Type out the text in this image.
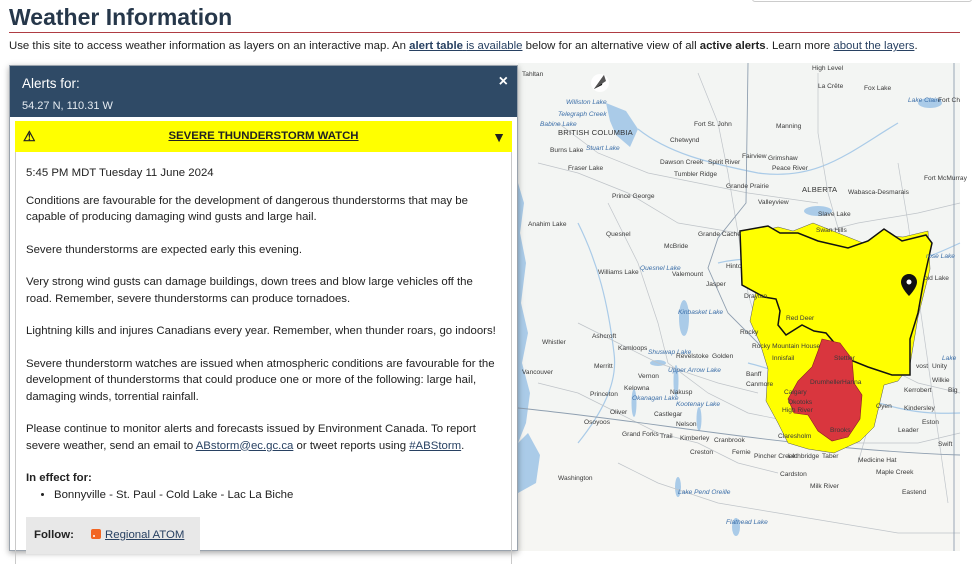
Weather Information
Use this site to access weather information as layers on an interactive map. An alert table is available below for an alternative view of all active alerts. Learn more about the layers.
High Level
La Crête	Fox Lake
Lake Claire
Fort Ch
Tahltan
Williston Lake
Telegraph Creek
Babine Lake
BRITISH COLUMBIA
Fort St. John	Manning
Chetwynd
Burns Lake Stuart Lake
Dawson Creek Spirit River
Fairview Grimshaw
Peace River
Tumbler Ridge
Fort McMurray
Grande Prairie
Fraser Lake
ALBERTA Wabasca-Desmarais
Prince George
Valleyview
Slave Lake
Swan Hills
Anahim Lake
Quesnel
McBride
Grande Cache
Hinto
rose Lake
old Lake
Williams Lake
Quesnel Lake
Valemount
Jasper
Kinbasket Lake
Rocky
Whistler
Ashcroft
Kamloops
Shuswap Lake
Revelstoke Golden
Merritt
Vernon
Upper Arrow Lake
Banff
Canmore
Vancouver
Kelowna
Okanagan Lake
Nakusp
Kootenay Lake
Princeton
Oliver
Osoyoos
Castlegar
Nelson
Grand Forks Trail Kimberley Cranbrook
Creston	Fernie
Pincher Creek
Lethbridge Taber
Medicine Hat
Cardston
Milk River
Maple Creek
Eastend
vost Unity
Wilkie
Kerrobert
Kindersley
Leader
Eston
Lake
Swift
Big
Washington
Lake Pend Oreille
Flathead Lake
Drayton
Red Deer
Drumheller Hanna
Calgary
Brooks
Oyen
High River
Claresholm
Innisfail	Stettler
Rocky Mountain House
Okotoks
Alerts for:
54.27 N, 110.31 W
×
⚠	SEVERE THUNDERSTORM WATCH	▼

5:45 PM MDT Tuesday 11 June 2024

Conditions are favourable for the development of dangerous thunderstorms that may be capable of producing damaging wind gusts and large hail.

Severe thunderstorms are expected early this evening.

Very strong wind gusts can damage buildings, down trees and blow large vehicles off the road. Remember, severe thunderstorms can produce tornadoes.

Lightning kills and injures Canadians every year. Remember, when thunder roars, go indoors!

Severe thunderstorm watches are issued when atmospheric conditions are favourable for the development of thunderstorms that could produce one or more of the following: large hail, damaging winds, torrential rainfall.

Please continue to monitor alerts and forecasts issued by Environment Canada. To report severe weather, send an email to ABstorm@ec.gc.ca or tweet reports using #ABStorm.

In effect for:
• Bonnyville - St. Paul - Cold Lake - Lac La Biche
Follow:	Regional ATOM
